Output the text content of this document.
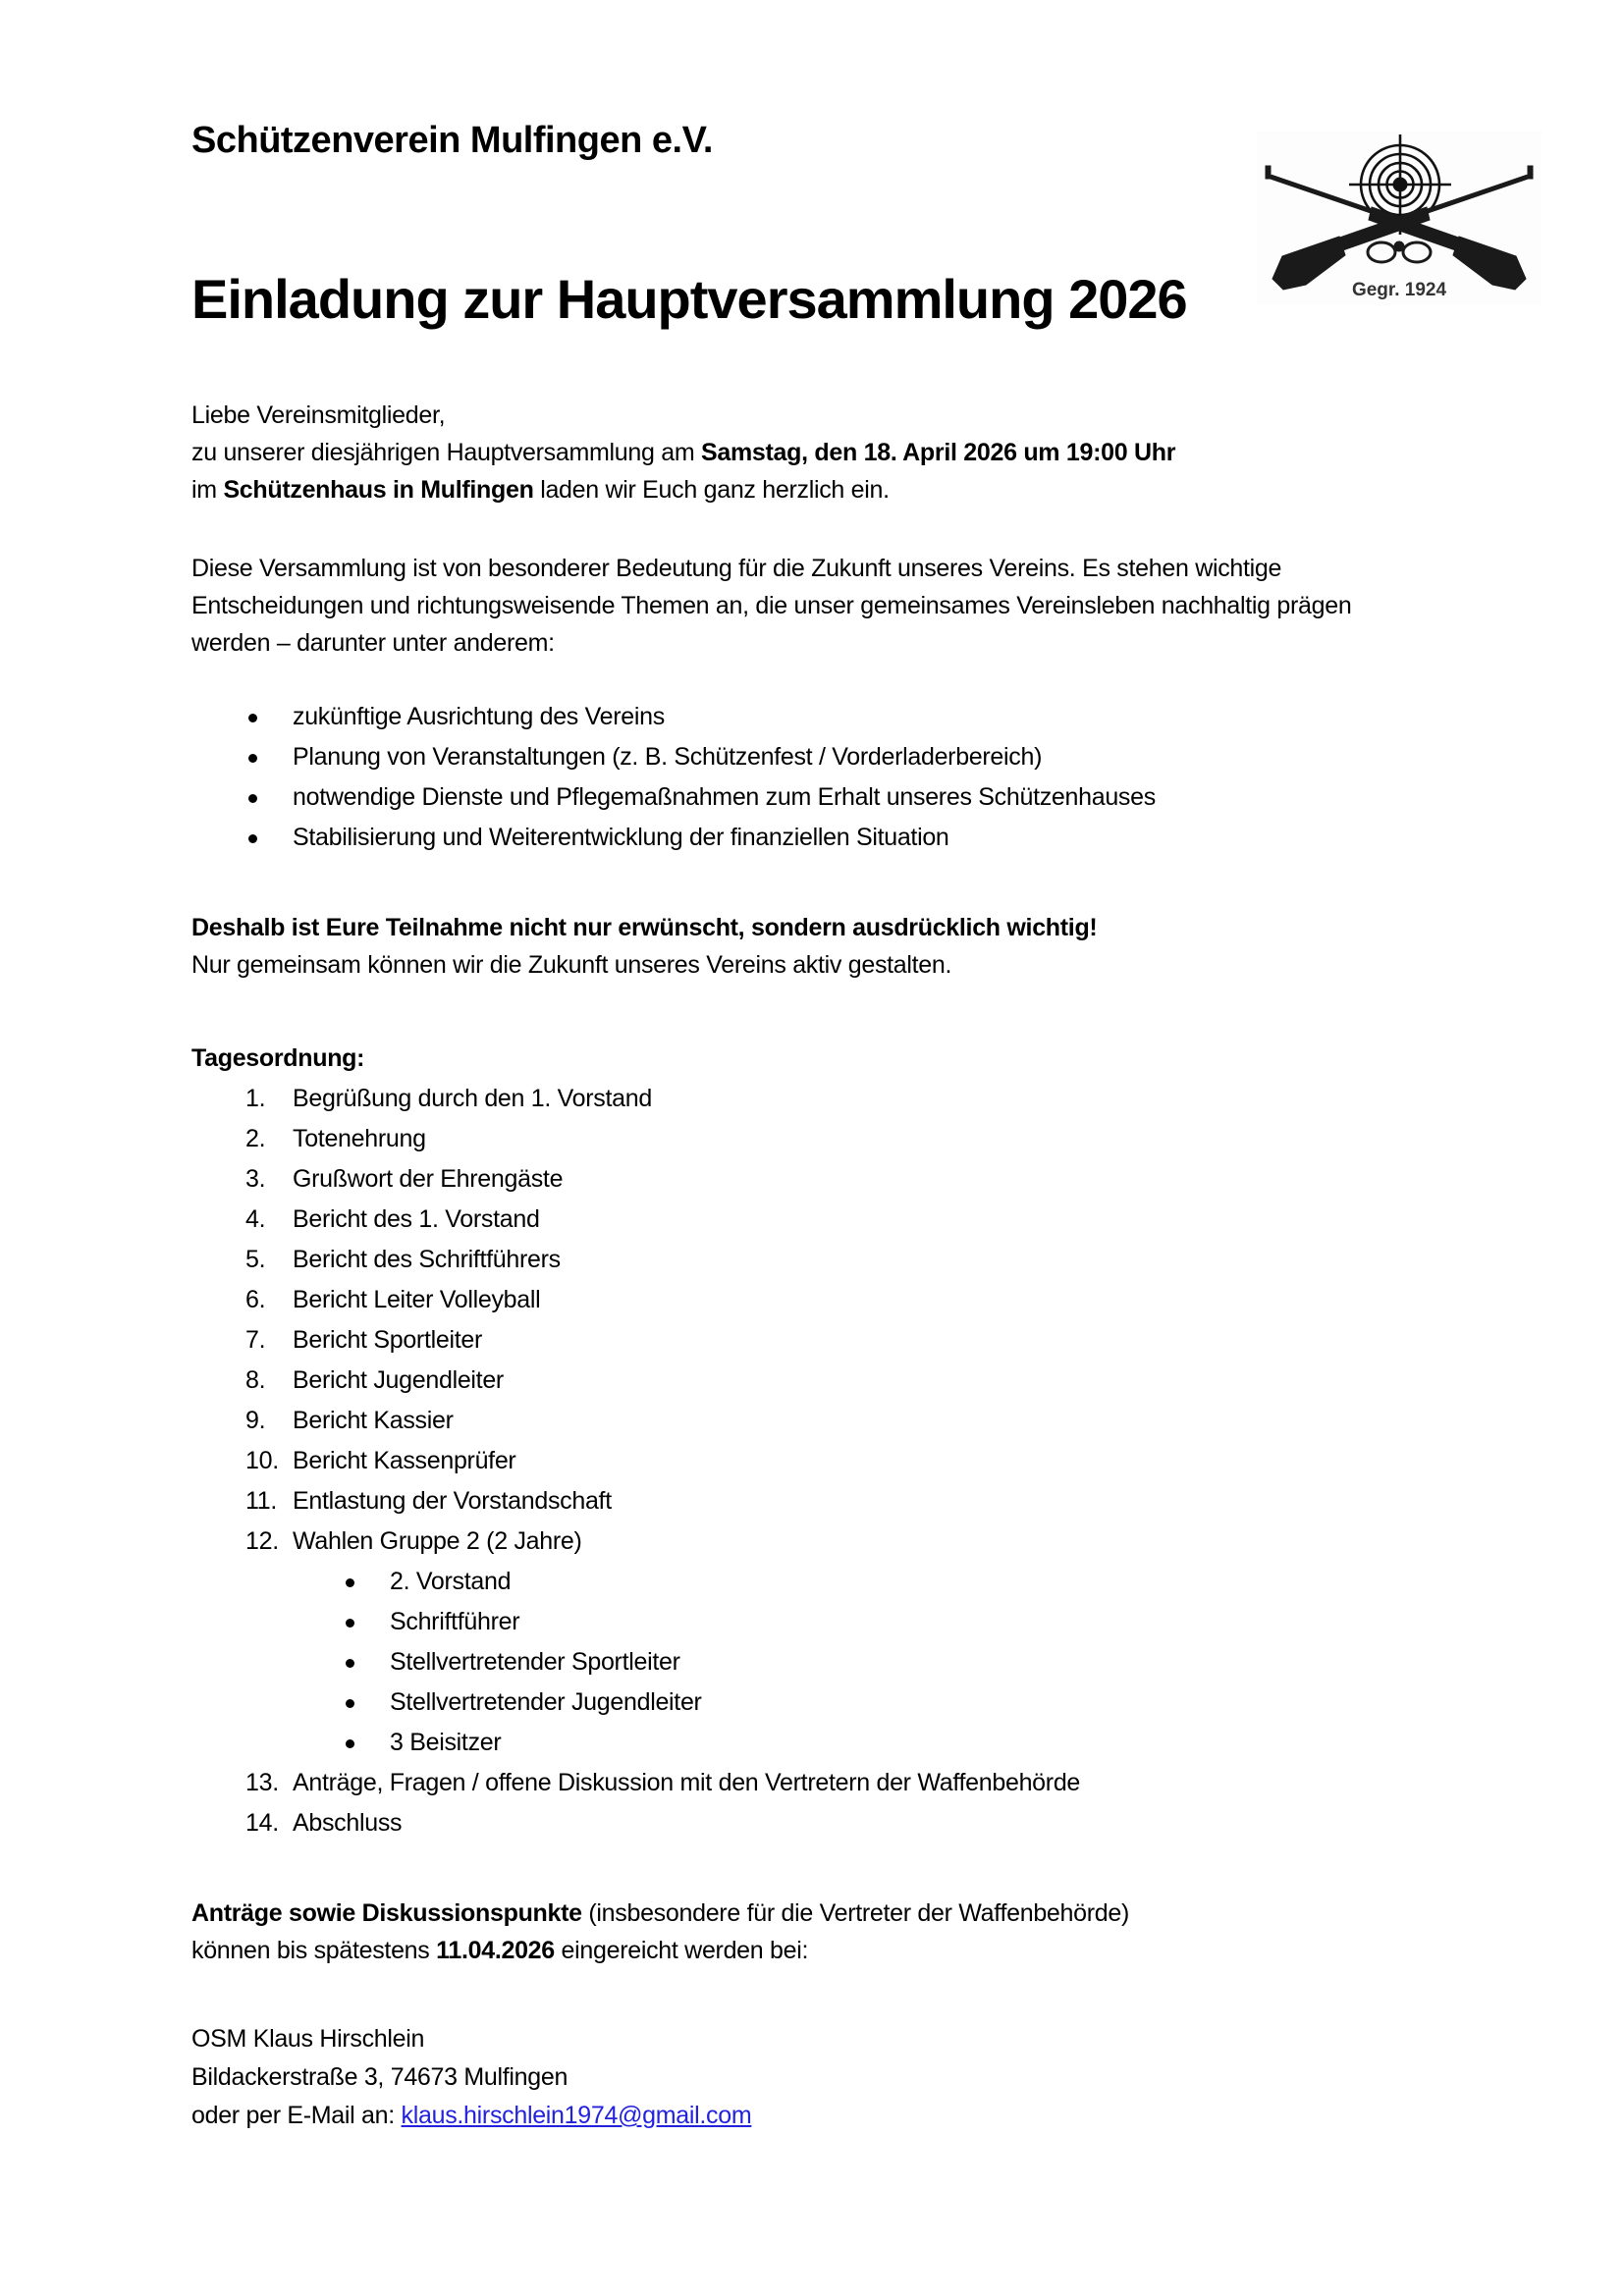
Gegr. 1924
Schützenverein Mulfingen e.V.
Einladung zur Hauptversammlung 2026
Liebe Vereinsmitglieder,
zu unserer diesjährigen Hauptversammlung am Samstag, den 18. April 2026 um 19:00 Uhr
im Schützenhaus in Mulfingen laden wir Euch ganz herzlich ein.

Diese Versammlung ist von besonderer Bedeutung für die Zukunft unseres Vereins. Es stehen wichtige Entscheidungen und richtungsweisende Themen an, die unser gemeinsames Vereinsleben nachhaltig prägen werden – darunter unter anderem:

zukünftige Ausrichtung des Vereins
Planung von Veranstaltungen (z. B. Schützenfest / Vorderladerbereich)
notwendige Dienste und Pflegemaßnahmen zum Erhalt unseres Schützenhauses
Stabilisierung und Weiterentwicklung der finanziellen Situation
Deshalb ist Eure Teilnahme nicht nur erwünscht, sondern ausdrücklich wichtig!
Nur gemeinsam können wir die Zukunft unseres Vereins aktiv gestalten.
Tagesordnung:
1. Begrüßung durch den 1. Vorstand
2. Totenehrung
3. Grußwort der Ehrengäste
4. Bericht des 1. Vorstand
5. Bericht des Schriftführers
6. Bericht Leiter Volleyball
7. Bericht Sportleiter
8. Bericht Jugendleiter
9. Bericht Kassier
10. Bericht Kassenprüfer
11. Entlastung der Vorstandschaft
12. Wahlen Gruppe 2 (2 Jahre)
2. Vorstand
Schriftführer
Stellvertretender Sportleiter
Stellvertretender Jugendleiter
3 Beisitzer
13. Anträge, Fragen / offene Diskussion mit den Vertretern der Waffenbehörde
14. Abschluss
Anträge sowie Diskussionspunkte (insbesondere für die Vertreter der Waffenbehörde)
können bis spätestens 11.04.2026 eingereicht werden bei:
OSM Klaus Hirschlein
Bildackerstraße 3, 74673 Mulfingen
oder per E-Mail an: klaus.hirschlein1974@gmail.com
